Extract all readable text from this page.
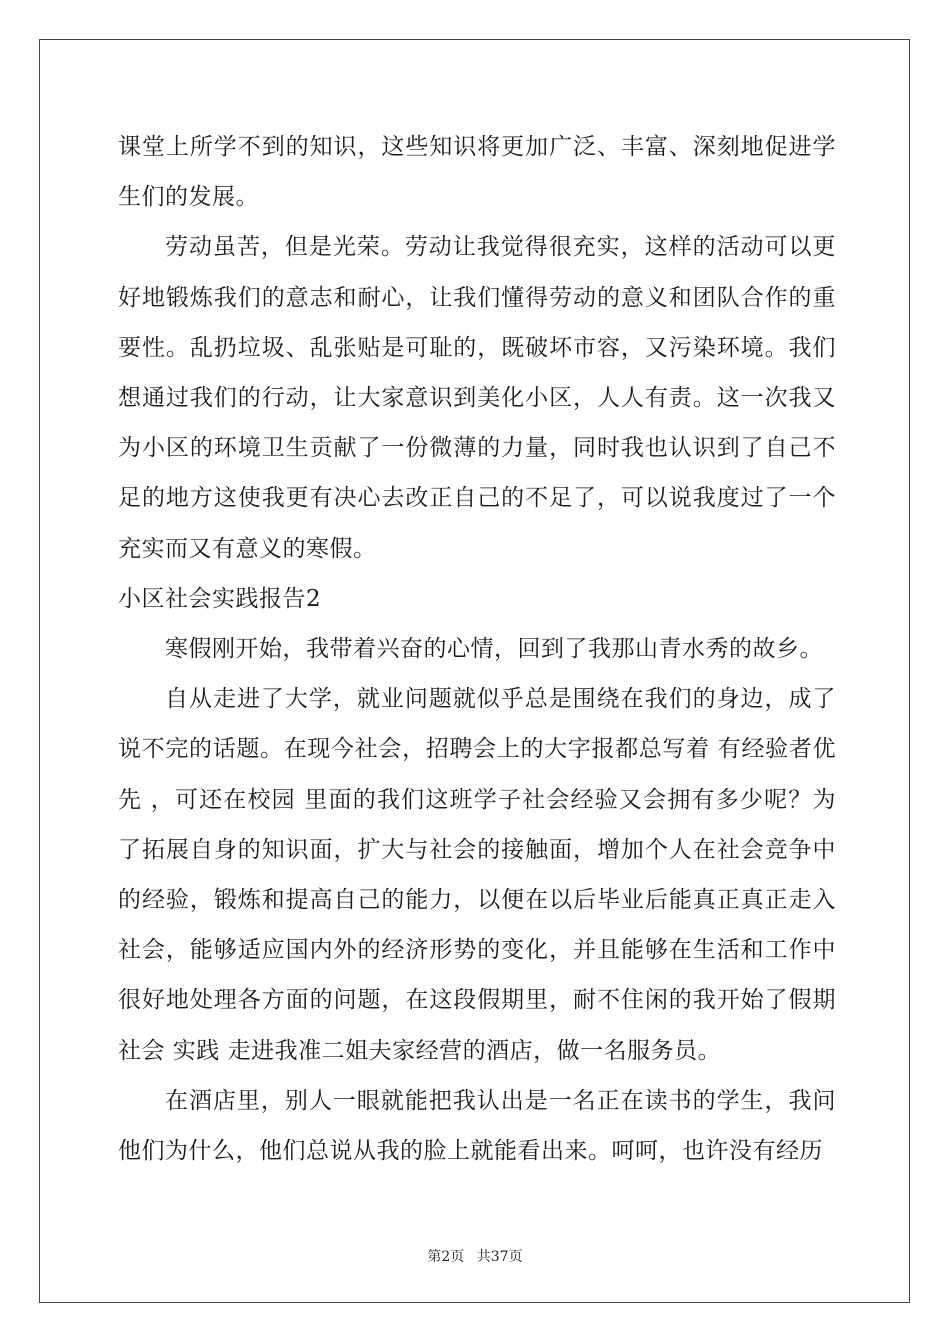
课堂上所学不到的知识，这些知识将更加广泛、丰富、深刻地促进学生们的发展。

劳动虽苦，但是光荣。劳动让我觉得很充实，这样的活动可以更好地锻炼我们的意志和耐心，让我们懂得劳动的意义和团队合作的重要性。乱扔垃圾、乱张贴是可耻的，既破坏市容，又污染环境。我们想通过我们的行动，让大家意识到美化小区，人人有责。这一次我又为小区的环境卫生贡献了一份微薄的力量，同时我也认识到了自己不足的地方这使我更有决心去改正自己的不足了，可以说我度过了一个充实而又有意义的寒假。

小区社会实践报告2

寒假刚开始，我带着兴奋的心情，回到了我那山青水秀的故乡。

自从走进了大学，就业问题就似乎总是围绕在我们的身边，成了说不完的话题。在现今社会，招聘会上的大字报都总写着 有经验者优先 ，可还在校园 里面的我们这班学子社会经验又会拥有多少呢？为了拓展自身的知识面，扩大与社会的接触面，增加个人在社会竞争中的经验，锻炼和提高自己的能力，以便在以后毕业后能真正真正走入社会，能够适应国内外的经济形势的变化，并且能够在生活和工作中很好地处理各方面的问题，在这段假期里，耐不住闲的我开始了假期社会 实践 走进我准二姐夫家经营的酒店，做一名服务员。

在酒店里，别人一眼就能把我认出是一名正在读书的学生，我问他们为什么，他们总说从我的脸上就能看出来。呵呵，也许没有经历

第2页 共37页
